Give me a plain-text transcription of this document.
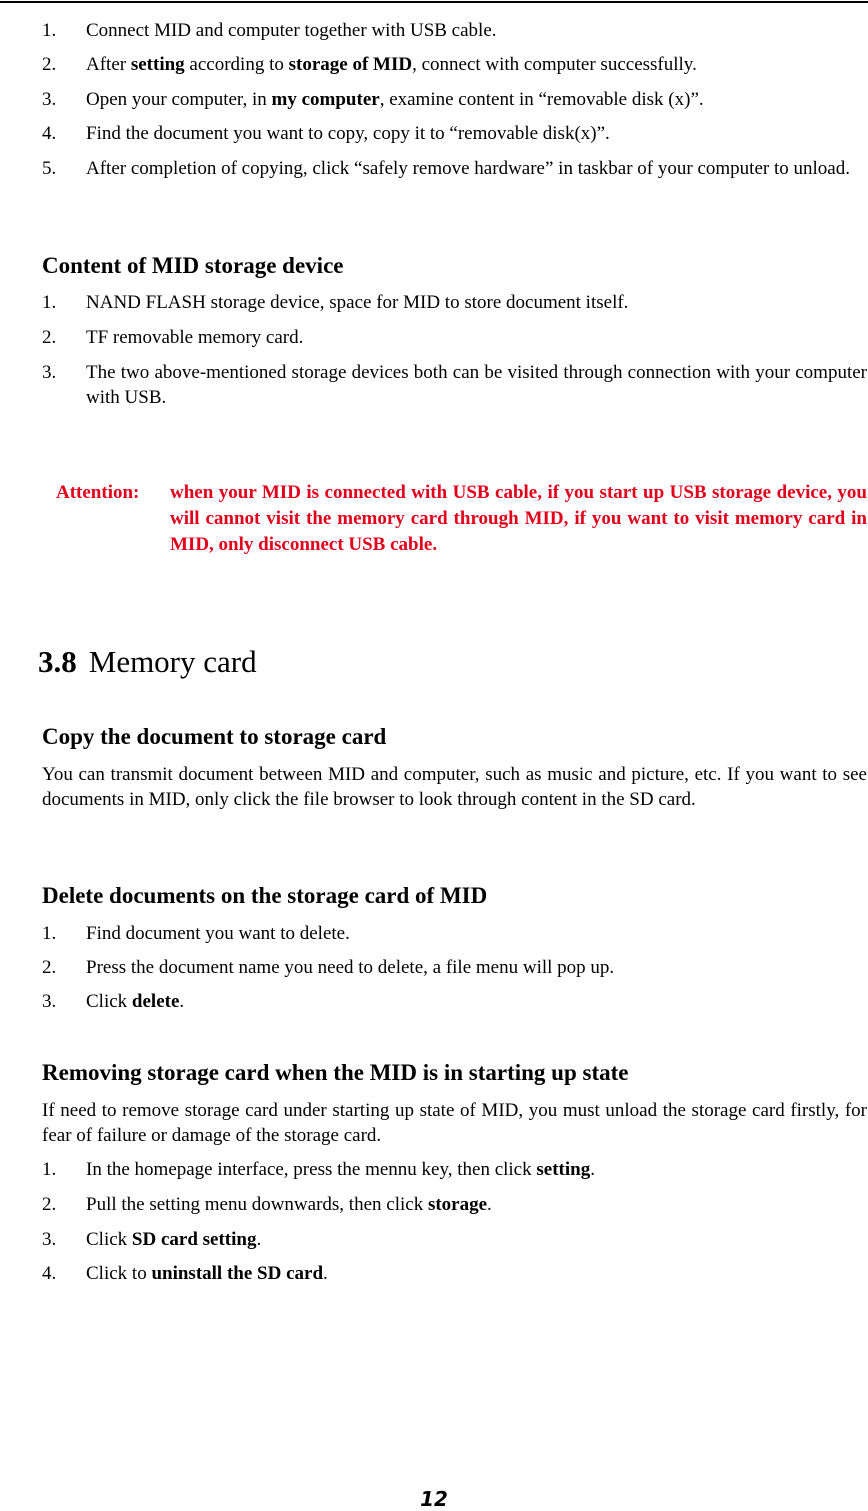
1.	Connect MID and computer together with USB cable.
2.	After setting according to storage of MID, connect with computer successfully.
3.	Open your computer, in my computer, examine content in “removable disk (x)”.
4.	Find the document you want to copy, copy it to “removable disk(x)”.
5.	After completion of copying, click “safely remove hardware” in taskbar of your computer to unload.
Content of MID storage device
1.	NAND FLASH storage device, space for MID to store document itself.
2.	TF removable memory card.
3.	The two above-mentioned storage devices both can be visited through connection with your computer with USB.
Attention: when your MID is connected with USB cable, if you start up USB storage device, you will cannot visit the memory card through MID, if you want to visit memory card in MID, only disconnect USB cable.
3.8 Memory card
Copy the document to storage card
You can transmit document between MID and computer, such as music and picture, etc. If you want to see documents in MID, only click the file browser to look through content in the SD card.
Delete documents on the storage card of MID
1.	Find document you want to delete.
2.	Press the document name you need to delete, a file menu will pop up.
3.	Click delete.
Removing storage card when the MID is in starting up state
If need to remove storage card under starting up state of MID, you must unload the storage card firstly, for fear of failure or damage of the storage card.
1.	In the homepage interface, press the mennu key, then click setting.
2.	Pull the setting menu downwards, then click storage.
3.	Click SD card setting.
4.	Click to uninstall the SD card.
12
